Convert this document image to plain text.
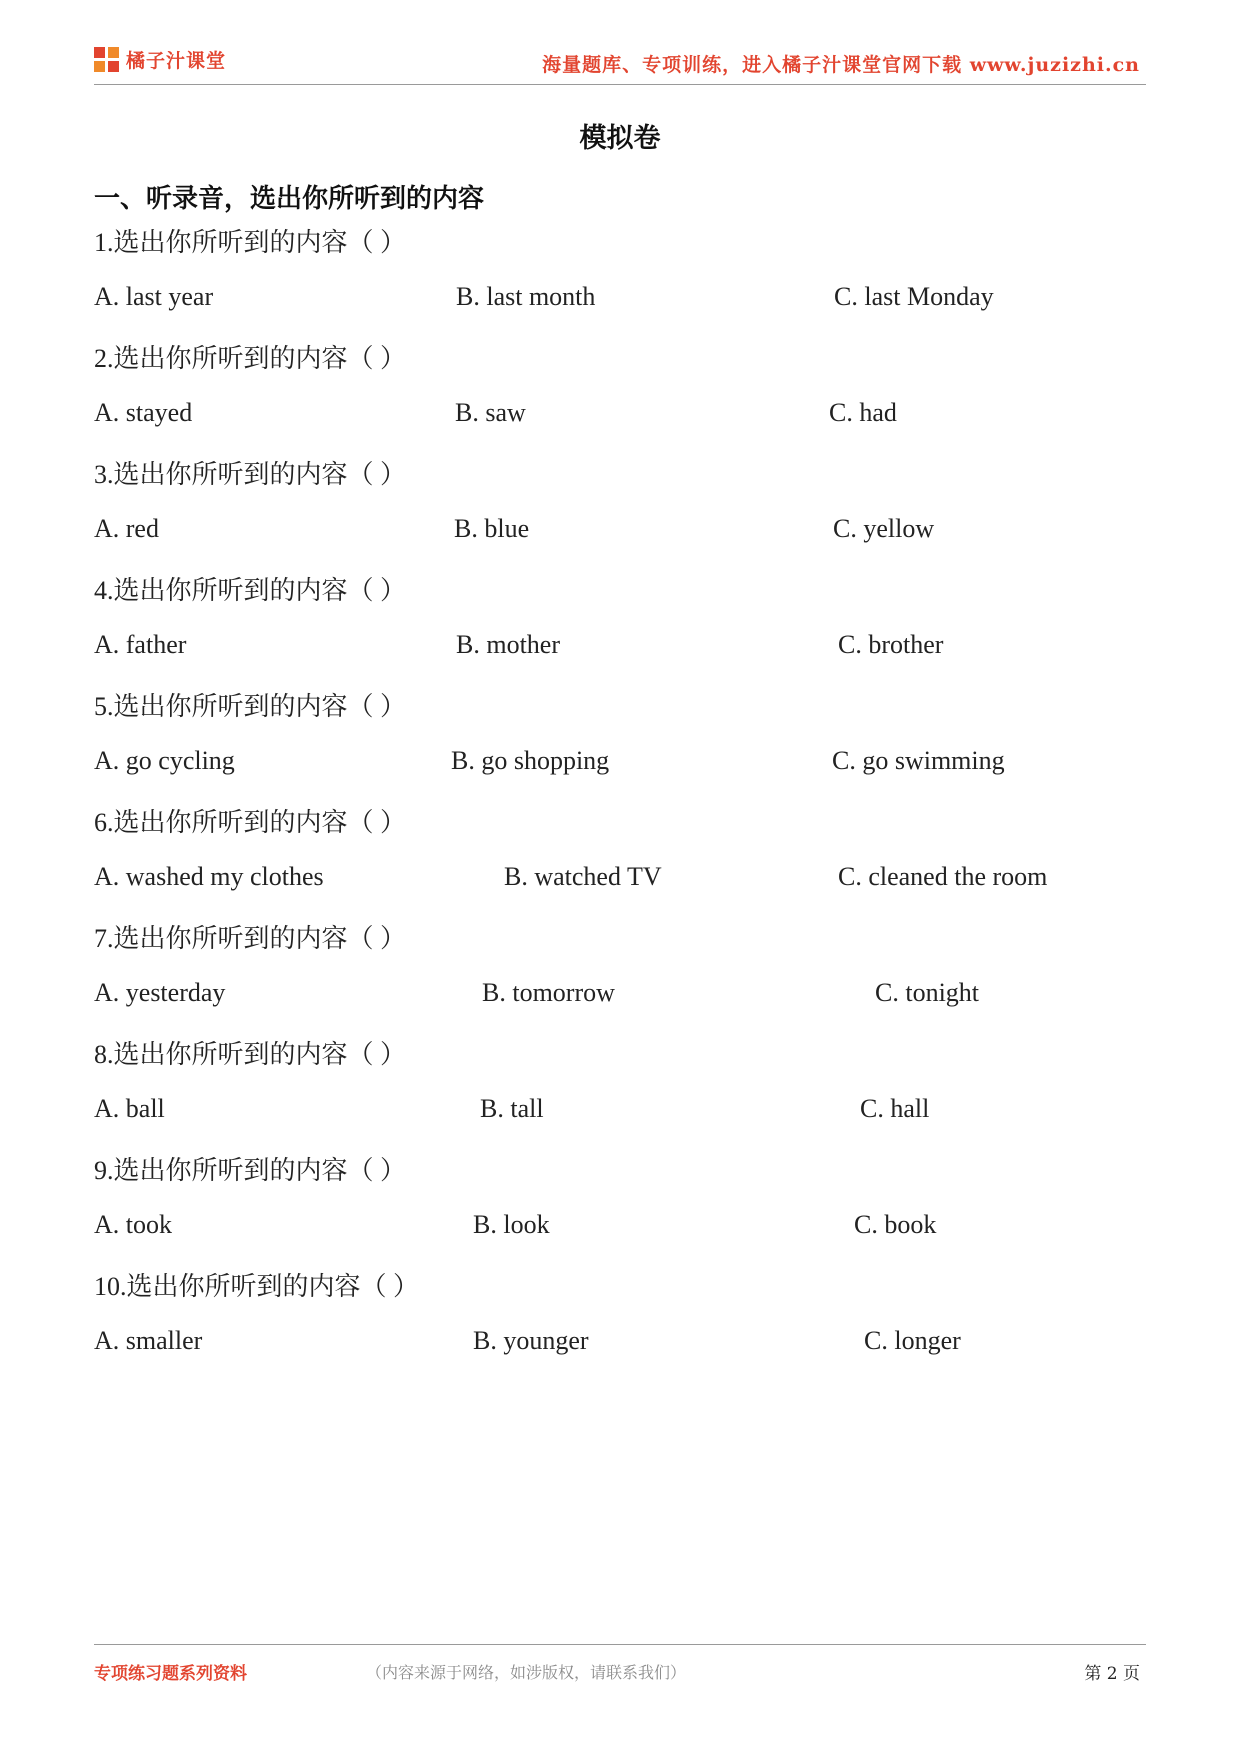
橘子汁课堂	海量题库、专项训练，进入橘子汁课堂官网下载 www.juzizhi.cn
模拟卷
一、听录音，选出你所听到的内容
1.选出你所听到的内容（ ）
A. last year	B. last month	C. last Monday
2.选出你所听到的内容（ ）
A. stayed	B. saw	C. had
3.选出你所听到的内容（ ）
A. red	B. blue	C. yellow
4.选出你所听到的内容（ ）
A. father	B. mother	C. brother
5.选出你所听到的内容（ ）
A. go cycling	B. go shopping	C. go swimming
6.选出你所听到的内容（ ）
A. washed my clothes	B. watched TV	C. cleaned the room
7.选出你所听到的内容（ ）
A. yesterday	B. tomorrow	C. tonight
8.选出你所听到的内容（ ）
A. ball	B. tall	C. hall
9.选出你所听到的内容（ ）
A. took	B. look	C. book
10.选出你所听到的内容（ ）
A. smaller	B. younger	C. longer
专项练习题系列资料	（内容来源于网络，如涉版权，请联系我们）	第 2 页
